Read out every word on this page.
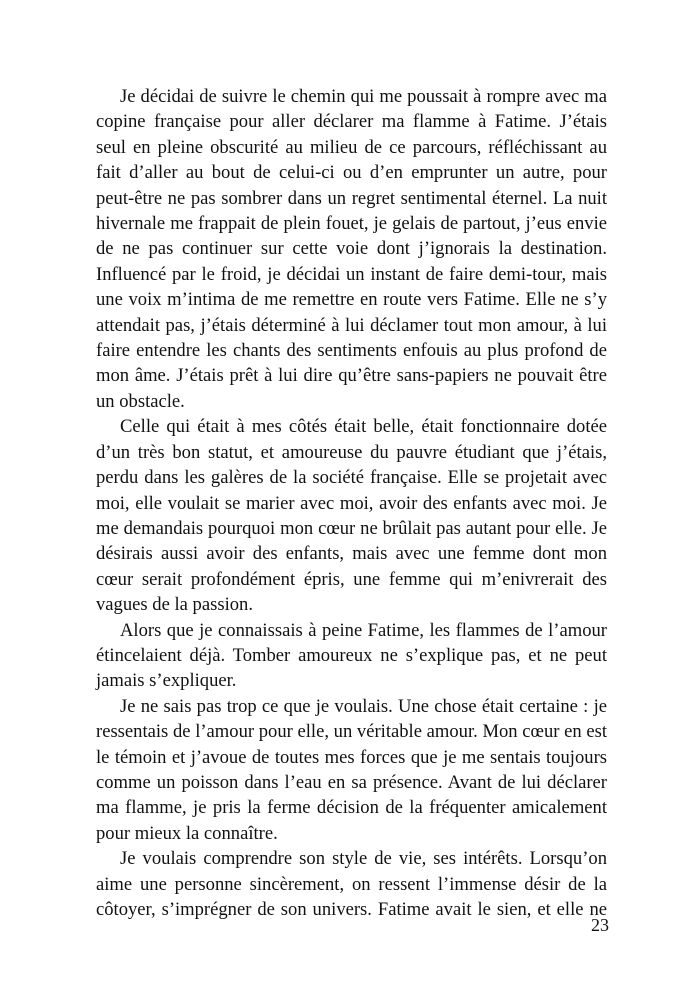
Je décidai de suivre le chemin qui me poussait à rompre avec ma copine française pour aller déclarer ma flamme à Fatime. J’étais seul en pleine obscurité au milieu de ce parcours, réfléchissant au fait d’aller au bout de celui-ci ou d’en emprunter un autre, pour peut-être ne pas sombrer dans un regret sentimental éternel. La nuit hivernale me frappait de plein fouet, je gelais de partout, j’eus envie de ne pas continuer sur cette voie dont j’ignorais la destination. Influencé par le froid, je décidai un instant de faire demi-tour, mais une voix m’intima de me remettre en route vers Fatime. Elle ne s’y attendait pas, j’étais déterminé à lui déclamer tout mon amour, à lui faire entendre les chants des sentiments enfouis au plus profond de mon âme. J’étais prêt à lui dire qu’être sans-papiers ne pouvait être un obstacle.

Celle qui était à mes côtés était belle, était fonctionnaire dotée d’un très bon statut, et amoureuse du pauvre étudiant que j’étais, perdu dans les galères de la société française. Elle se projetait avec moi, elle voulait se marier avec moi, avoir des enfants avec moi. Je me demandais pourquoi mon cœur ne brûlait pas autant pour elle. Je désirais aussi avoir des enfants, mais avec une femme dont mon cœur serait profondément épris, une femme qui m’enivrerait des vagues de la passion.

Alors que je connaissais à peine Fatime, les flammes de l’amour étincelaient déjà. Tomber amoureux ne s’explique pas, et ne peut jamais s’expliquer.

Je ne sais pas trop ce que je voulais. Une chose était certaine : je ressentais de l’amour pour elle, un véritable amour. Mon cœur en est le témoin et j’avoue de toutes mes forces que je me sentais toujours comme un poisson dans l’eau en sa présence. Avant de lui déclarer ma flamme, je pris la ferme décision de la fréquenter amicalement pour mieux la connaître.

Je voulais comprendre son style de vie, ses intérêts. Lorsqu’on aime une personne sincèrement, on ressent l’immense désir de la côtoyer, s’imprégner de son univers. Fatime avait le sien, et elle ne

23
